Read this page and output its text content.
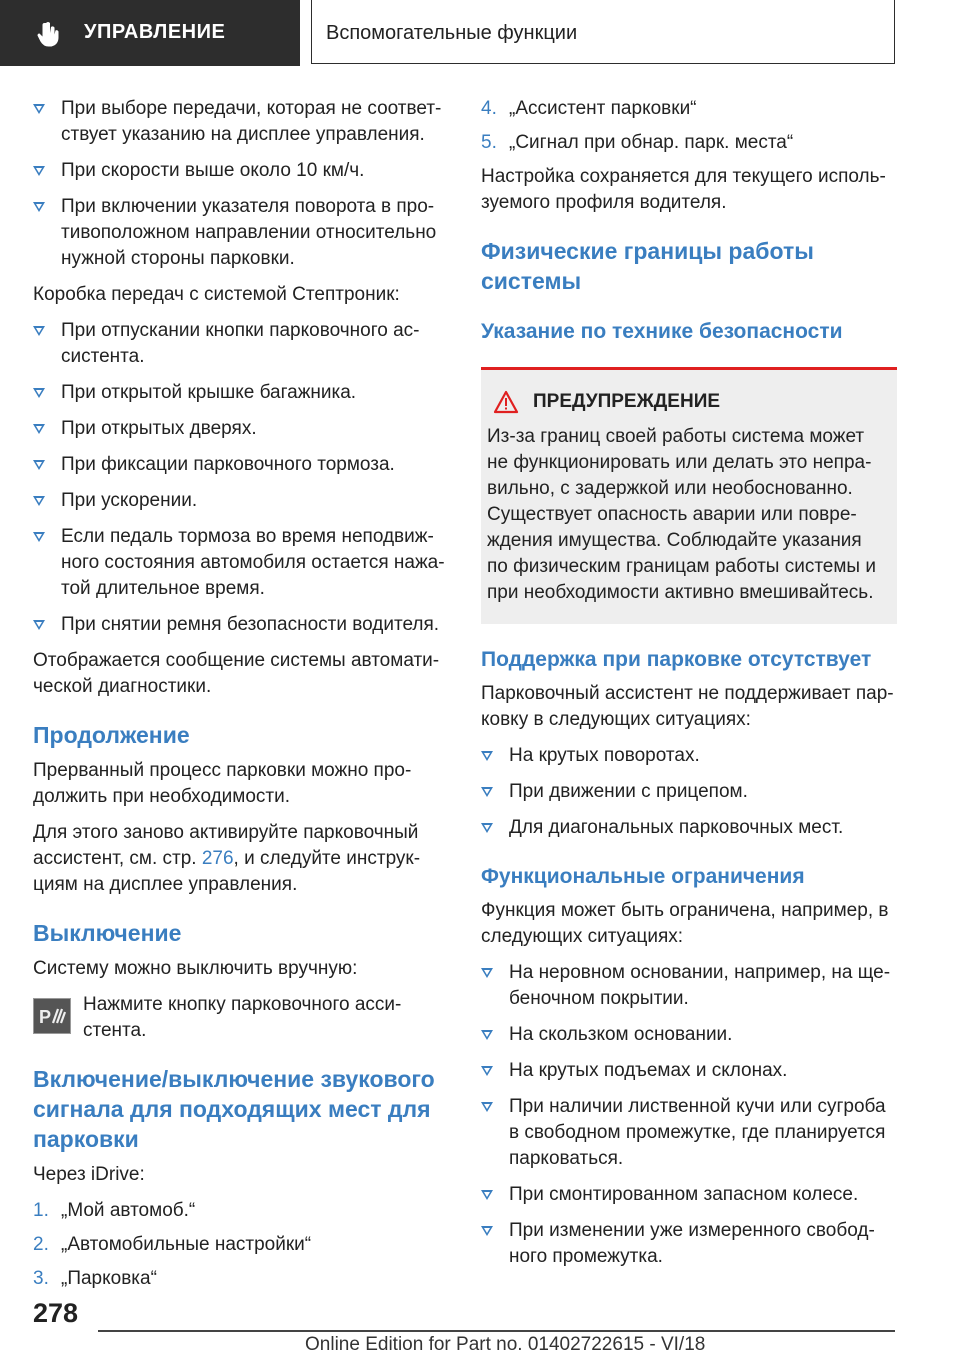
УПРАВЛЕНИЕ	Вспомогательные функции
При выборе передачи, которая не соответ-ствует указанию на дисплее управления.
При скорости выше около 10 км/ч.
При включении указателя поворота в про-тивоположном направлении относительно нужной стороны парковки.

Коробка передач с системой Стептроник:

При отпускании кнопки парковочного ас-систента.
При открытой крышке багажника.
При открытых дверях.
При фиксации парковочного тормоза.
При ускорении.
Если педаль тормоза во время неподвиж-ного состояния автомобиля остается нажа-той длительное время.
При снятии ремня безопасности водителя.

Отображается сообщение системы автомати-ческой диагностики.

Продолжение

Прерванный процесс парковки можно про-должить при необходимости.

Для этого заново активируйте парковочный ассистент, см. стр. 276, и следуйте инструк-циям на дисплее управления.

Выключение

Систему можно выключить вручную:

P

Нажмите кнопку парковочного асси-стента.

Включение/выключение звукового сигнала для подходящих мест для парковки

Через iDrive:

1. „Мой автомоб.“
2. „Автомобильные настройки“
3. „Парковка“
4. „Ассистент парковки“
5. „Сигнал при обнар. парк. места“

Настройка сохраняется для текущего исполь-зуемого профиля водителя.

Физические границы работы системы
Указание по технике безопасности
ПРЕДУПРЕЖДЕНИЕ

Из-за границ своей работы система может не функционировать или делать это непра-вильно, с задержкой или необоснованно. Существует опасность аварии или повре-ждения имущества. Соблюдайте указания по физическим границам работы системы и при необходимости активно вмешивайтесь.

Поддержка при парковке отсутствует

Парковочный ассистент не поддерживает пар-ковку в следующих ситуациях:

На крутых поворотах.
При движении с прицепом.
Для диагональных парковочных мест.
Функциональные ограничения

Функция может быть ограничена, например, в следующих ситуациях:

На неровном основании, например, на ще-беночном покрытии.
На скользком основании.
На крутых подъемах и склонах.
При наличии лиственной кучи или сугроба в свободном промежутке, где планируется парковаться.
При смонтированном запасном колесе.
При изменении уже измеренного свобод-ного промежутка.
278
Online Edition for Part no. 01402722615 - VI/18
